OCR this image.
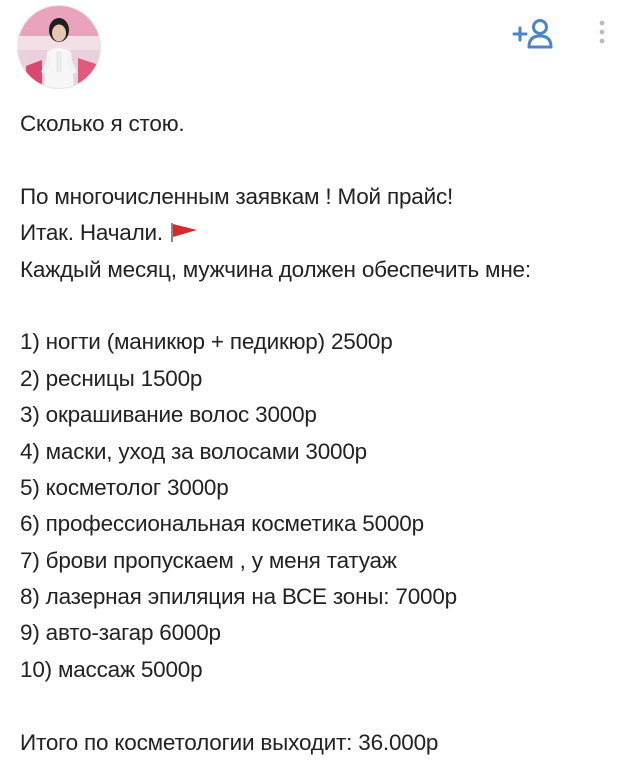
Сколько я стою.
По многочисленным заявкам ! Мой прайс!
Итак. Начали.
Каждый месяц, мужчина должен обеспечить мне:
1) ногти (маникюр + педикюр) 2500р
2) ресницы 1500р
3) окрашивание волос 3000р
4) маски, уход за волосами 3000р
5) косметолог 3000р
6) профессиональная косметика 5000р
7) брови пропускаем , у меня татуаж
8) лазерная эпиляция на ВСЕ зоны: 7000р
9) авто-загар 6000р
10) массаж 5000р
Итого по косметологии выходит: 36.000р
